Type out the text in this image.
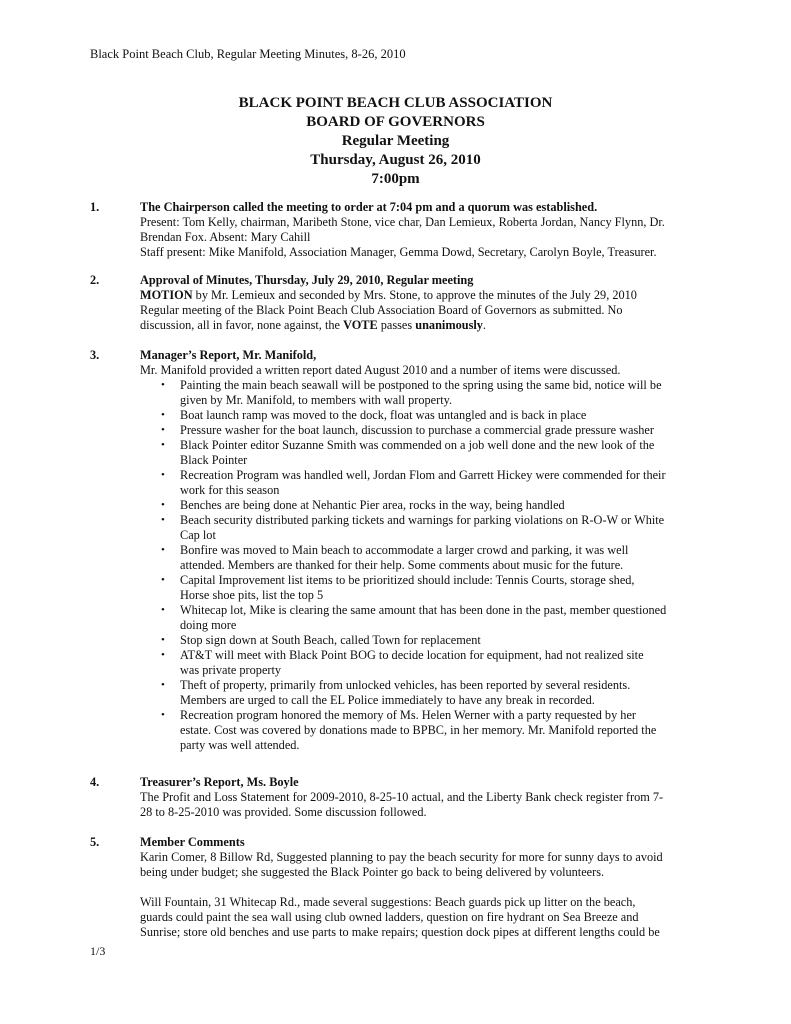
Black Point Beach Club, Regular Meeting Minutes, 8-26, 2010
BLACK POINT BEACH CLUB ASSOCIATION
BOARD OF GOVERNORS
Regular Meeting
Thursday, August 26, 2010
7:00pm
1.	The Chairperson called the meeting to order at 7:04 pm and a quorum was established.
Present: Tom Kelly, chairman, Maribeth Stone, vice char, Dan Lemieux, Roberta Jordan, Nancy Flynn, Dr.
Brendan Fox. Absent: Mary Cahill
Staff present: Mike Manifold, Association Manager, Gemma Dowd, Secretary, Carolyn Boyle, Treasurer.
2.	Approval of Minutes, Thursday, July 29, 2010, Regular meeting
MOTION by Mr. Lemieux and seconded by Mrs. Stone, to approve the minutes of the July 29, 2010
Regular meeting of the Black Point Beach Club Association Board of Governors as submitted. No
discussion, all in favor, none against, the VOTE passes unanimously.
3.	Manager’s Report, Mr. Manifold,
Mr. Manifold provided a written report dated August 2010 and a number of items were discussed.
• Painting the main beach seawall will be postponed to the spring using the same bid, notice will be
given by Mr. Manifold, to members with wall property.
• Boat launch ramp was moved to the dock, float was untangled and is back in place
• Pressure washer for the boat launch, discussion to purchase a commercial grade pressure washer
• Black Pointer editor Suzanne Smith was commended on a job well done and the new look of the
Black Pointer
• Recreation Program was handled well, Jordan Flom and Garrett Hickey were commended for their
work for this season
• Benches are being done at Nehantic Pier area, rocks in the way, being handled
• Beach security distributed parking tickets and warnings for parking violations on R-O-W or White
Cap lot
• Bonfire was moved to Main beach to accommodate a larger crowd and parking, it was well
attended. Members are thanked for their help. Some comments about music for the future.
• Capital Improvement list items to be prioritized should include: Tennis Courts, storage shed,
Horse shoe pits, list the top 5
• Whitecap lot, Mike is clearing the same amount that has been done in the past, member questioned
doing more
• Stop sign down at South Beach, called Town for replacement
• AT&T will meet with Black Point BOG to decide location for equipment, had not realized site
was private property
• Theft of property, primarily from unlocked vehicles, has been reported by several residents.
Members are urged to call the EL Police immediately to have any break in recorded.
• Recreation program honored the memory of Ms. Helen Werner with a party requested by her
estate. Cost was covered by donations made to BPBC, in her memory. Mr. Manifold reported the
party was well attended.
4.	Treasurer’s Report, Ms. Boyle
The Profit and Loss Statement for 2009-2010, 8-25-10 actual, and the Liberty Bank check register from 7-
28 to 8-25-2010 was provided. Some discussion followed.
5.	Member Comments
Karin Comer, 8 Billow Rd, Suggested planning to pay the beach security for more for sunny days to avoid
being under budget; she suggested the Black Pointer go back to being delivered by volunteers.
Will Fountain, 31 Whitecap Rd., made several suggestions: Beach guards pick up litter on the beach,
guards could paint the sea wall using club owned ladders, question on fire hydrant on Sea Breeze and
Sunrise; store old benches and use parts to make repairs; question dock pipes at different lengths could be
1/3
